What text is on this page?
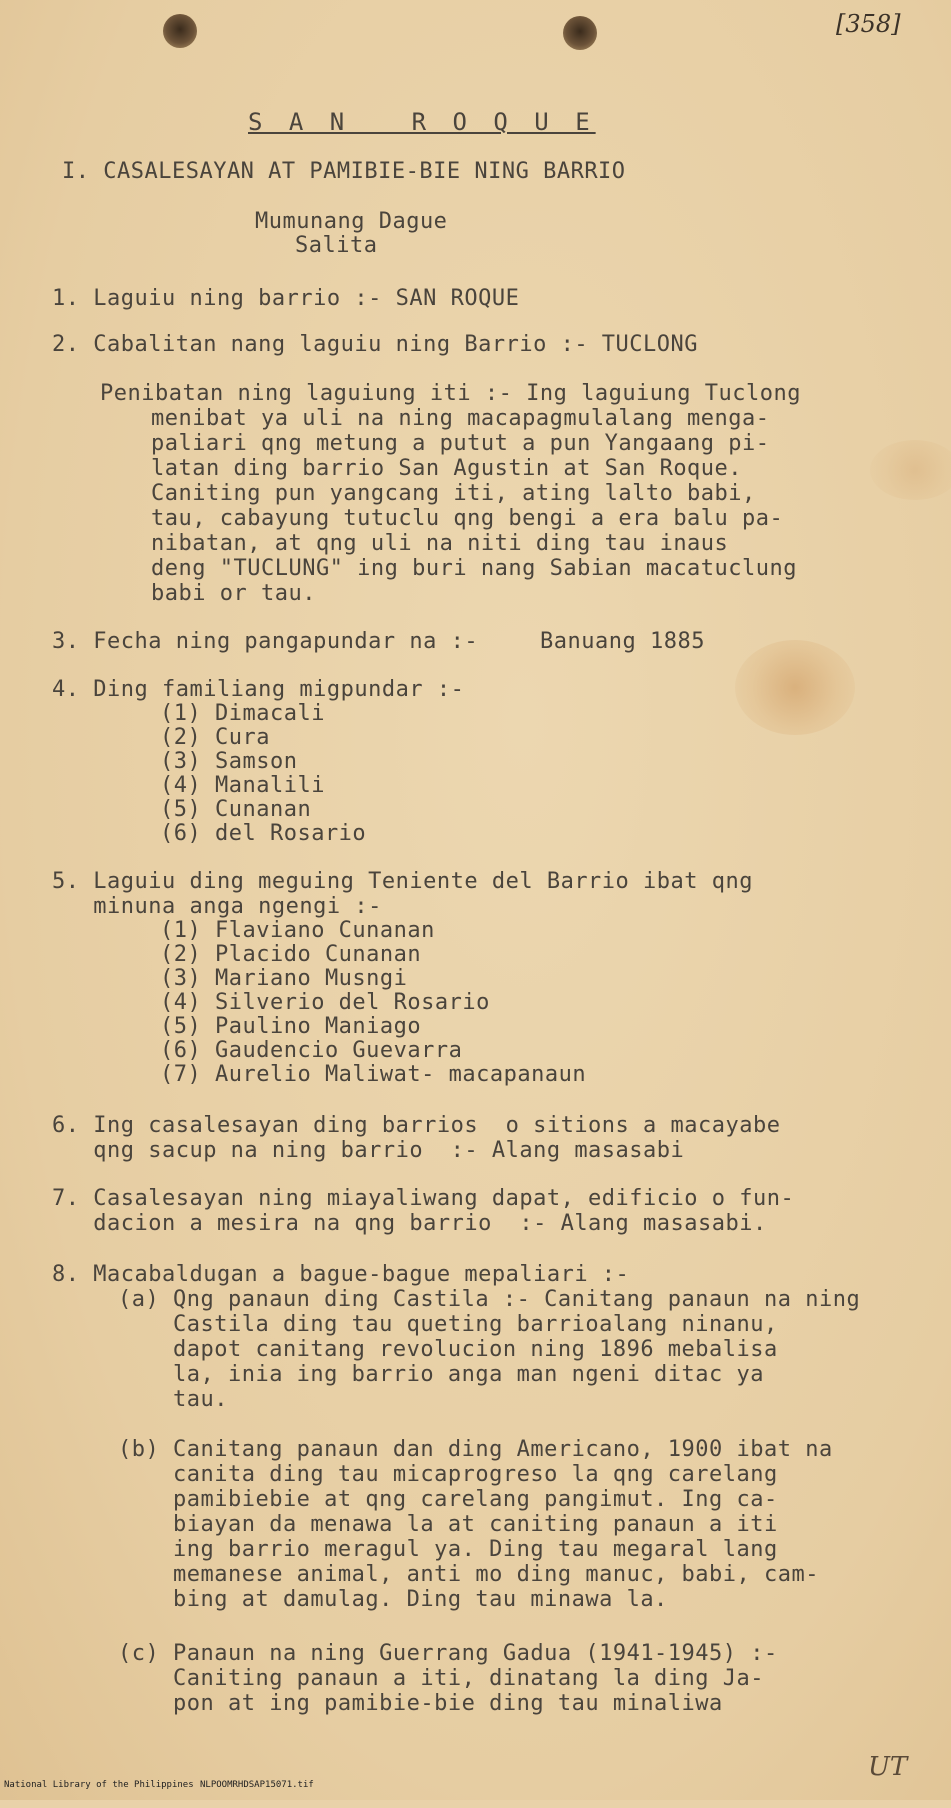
[358]
S A N   R O Q U E
I. CASALESAYAN AT PAMIBIE-BIE NING BARRIO
Mumunang Dague
Salita
1. Laguiu ning barrio :- SAN ROQUE
2. Cabalitan nang laguiu ning Barrio :- TUCLONG
Penibatan ning laguiung iti :- Ing laguiung Tuclong
menibat ya uli na ning macapagmulalang menga-
paliari qng metung a putut a pun Yangaang pi-
latan ding barrio San Agustin at San Roque.
Caniting pun yangcang iti, ating lalto babi,
tau, cabayung tutuclu qng bengi a era balu pa-
nibatan, at qng uli na niti ding tau inaus
deng "TUCLUNG" ing buri nang Sabian macatuclung
babi or tau.
3. Fecha ning pangapundar na :-	Banuang 1885
4. Ding familiang migpundar :-
(1) Dimacali
(2) Cura
(3) Samson
(4) Manalili
(5) Cunanan
(6) del Rosario
5. Laguiu ding meguing Teniente del Barrio ibat qng
minuna anga ngengi :-
(1) Flaviano Cunanan
(2) Placido Cunanan
(3) Mariano Musngi
(4) Silverio del Rosario
(5) Paulino Maniago
(6) Gaudencio Guevarra
(7) Aurelio Maliwat- macapanaun
6. Ing casalesayan ding barrios  o sitions a macayabe
qng sacup na ning barrio  :- Alang masasabi
7. Casalesayan ning miayaliwang dapat, edificio o fun-
dacion a mesira na qng barrio  :- Alang masasabi.
8. Macabaldugan a bague-bague mepaliari :-
(a) Qng panaun ding Castila :- Canitang panaun na ning
Castila ding tau queting barrioalang ninanu,
dapot canitang revolucion ning 1896 mebalisa
la, inia ing barrio anga man ngeni ditac ya
tau.
(b) Canitang panaun dan ding Americano, 1900 ibat na
canita ding tau micaprogreso la qng carelang
pamibiebie at qng carelang pangimut. Ing ca-
biayan da menawa la at caniting panaun a iti
ing barrio meragul ya. Ding tau megaral lang
memanese animal, anti mo ding manuc, babi, cam-
bing at damulag. Ding tau minawa la.
(c) Panaun na ning Guerrang Gadua (1941-1945) :-
Caniting panaun a iti, dinatang la ding Ja-
pon at ing pamibie-bie ding tau minaliwa
UT

National Library of the Philippines

NLPOOMRHDSAP15071.tif
